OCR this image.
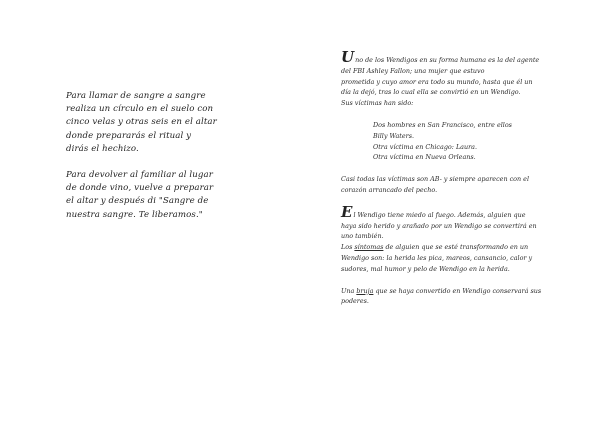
Para llamar de sangre a sangre
realiza un círculo en el suelo con
cinco velas y otras seis en el altar
donde prepararás el ritual y
dirás el hechizo.

Para devolver al familiar al lugar
de donde vino, vuelve a preparar
el altar y después di "Sangre de
nuestra sangre. Te liberamos."

Uno de los Wendigos en su forma humana es la del agente
del FBI Ashley Fallon; una mujer que estuvo
prometida y cuyo amor era todo su mundo, hasta que él un
día la dejó, tras lo cual ella se convirtió en un Wendigo.
Sus víctimas han sido:

Dos hombres en San Francisco, entre ellos
Billy Waters.
Otra víctima en Chicago: Laura.
Otra víctima en Nueva Orleans.

Casi todas las víctimas son AB- y siempre aparecen con el
corazón arrancado del pecho.

El Wendigo tiene miedo al fuego. Además, alguien que
haya sido herido y arañado por un Wendigo se convertirá en
uno también.

Los síntomas de alguien que se esté transformando en un
Wendigo son: la herida les pica, mareos, cansancio, calor y
sudores, mal humor y pelo de Wendigo en la herida.

Una bruja que se haya convertido en Wendigo conservará sus
poderes.
